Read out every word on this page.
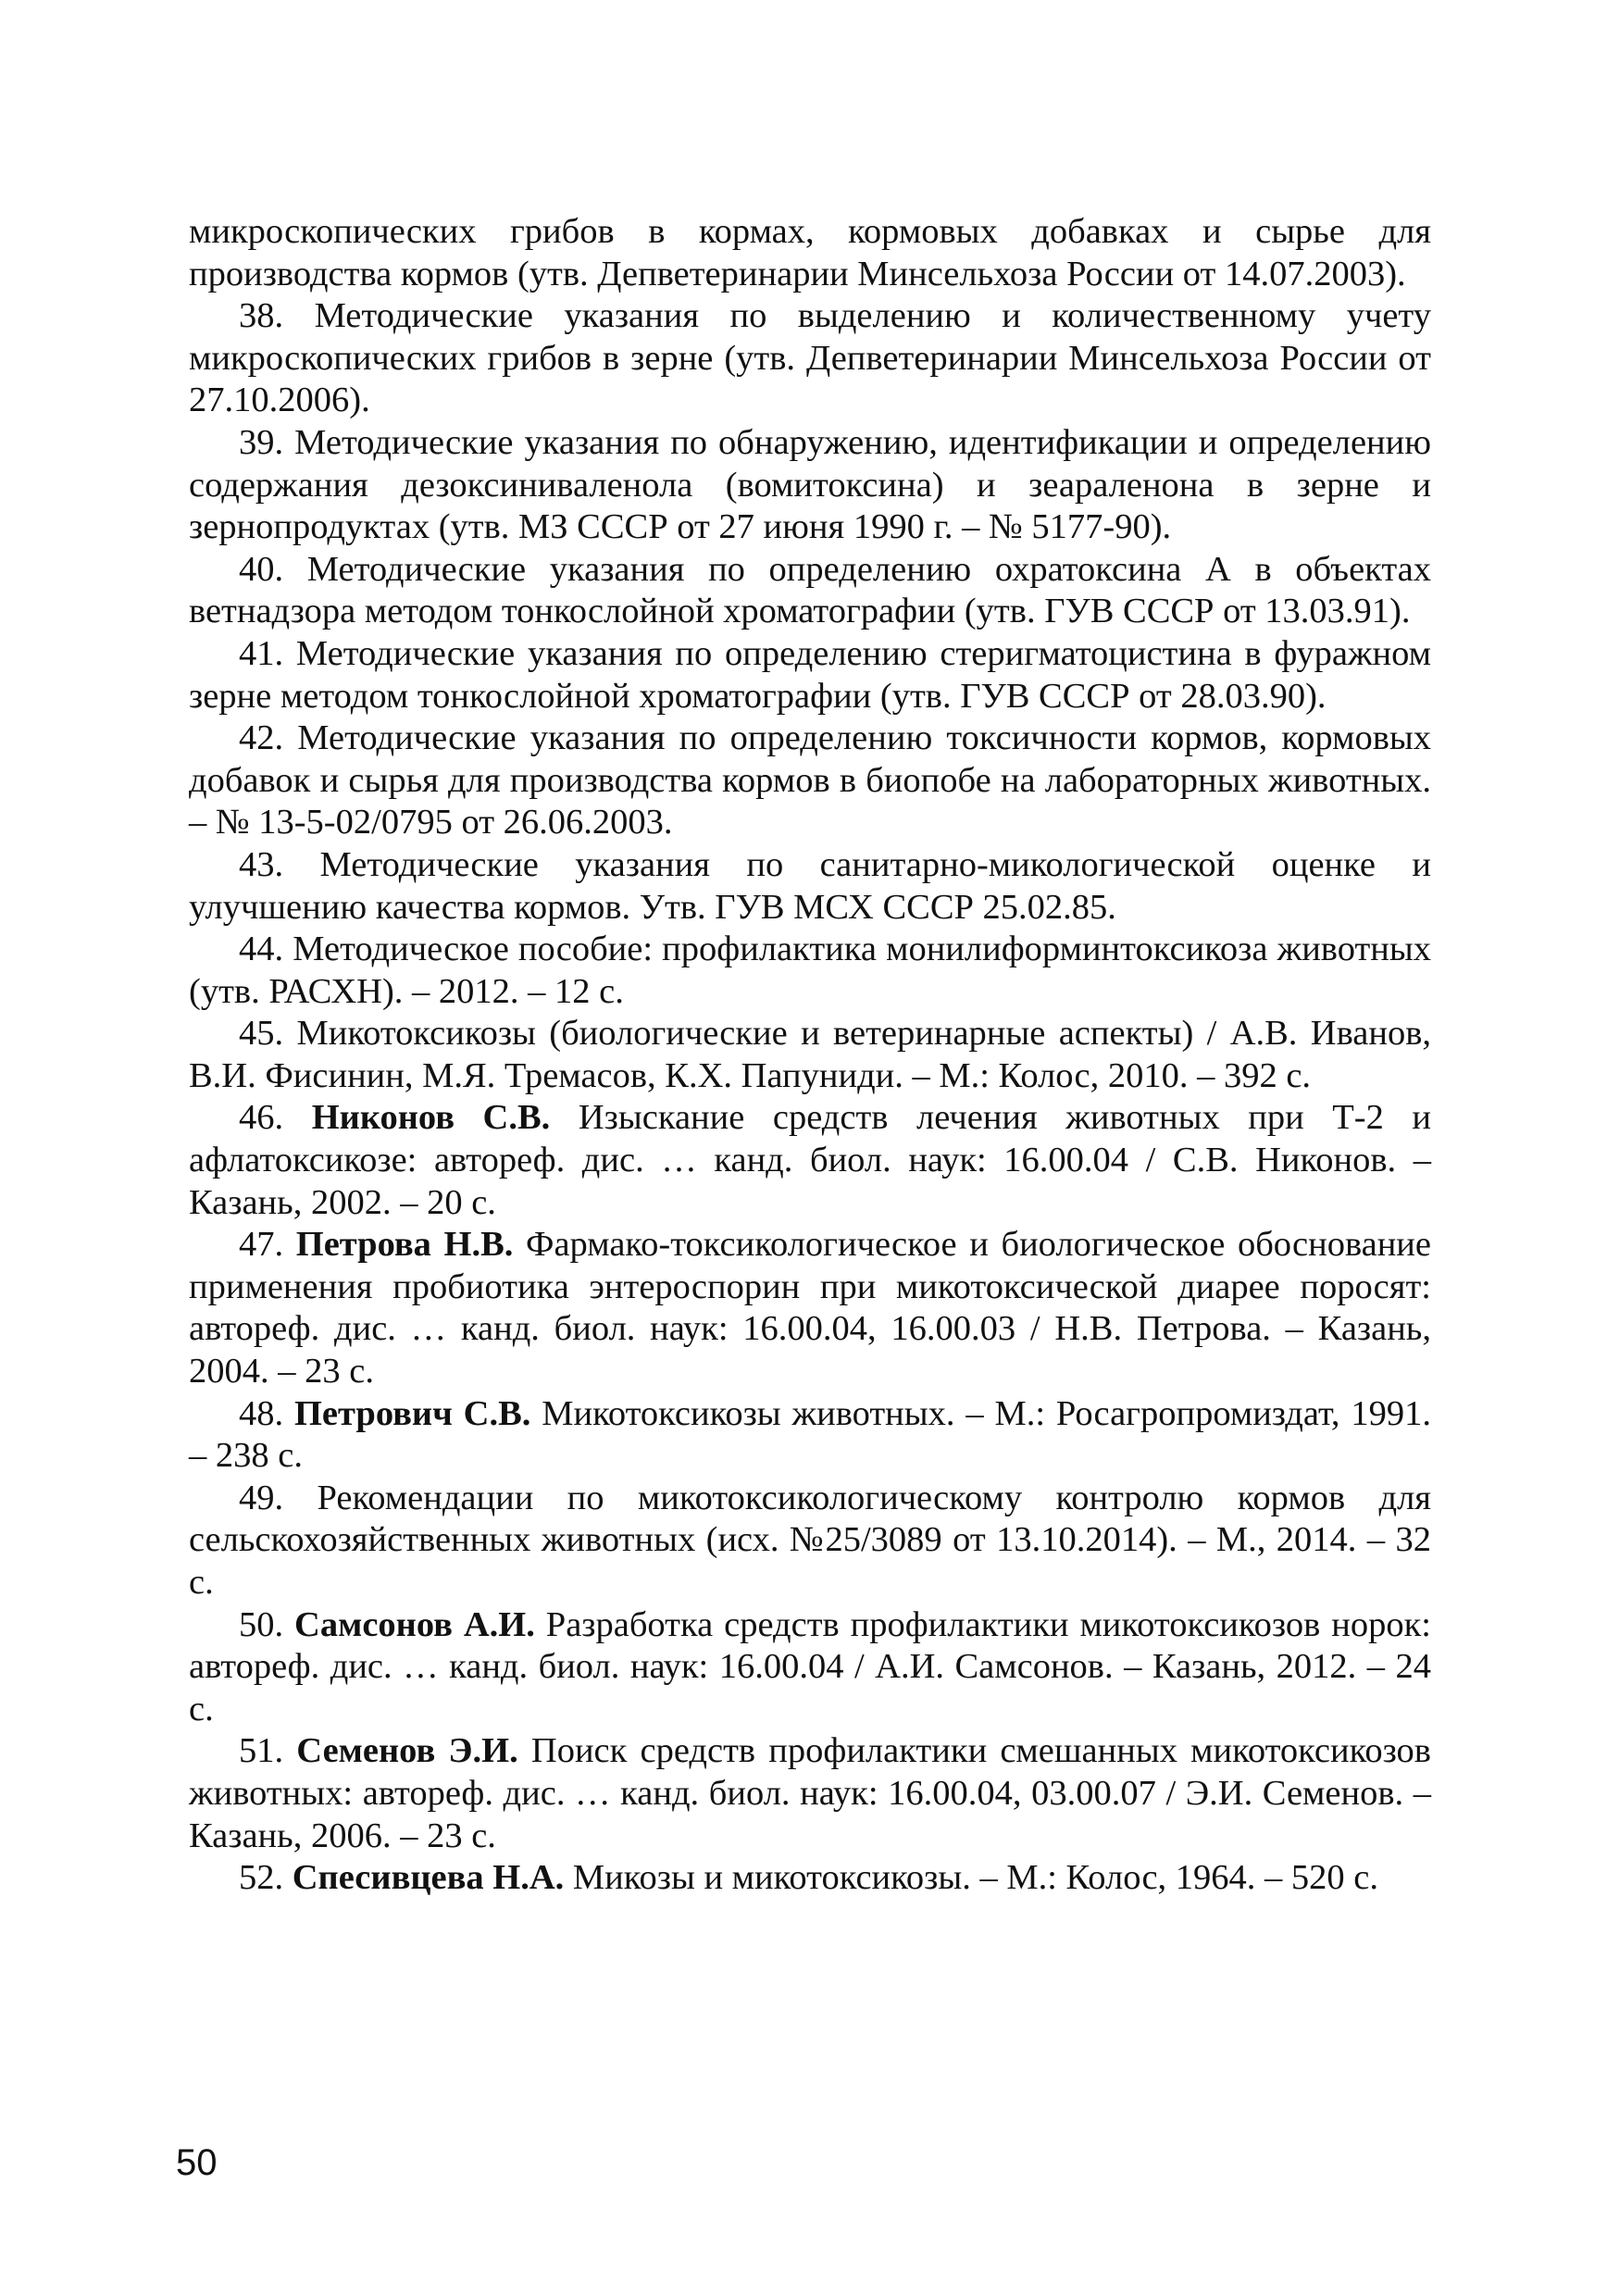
микроскопических грибов в кормах, кормовых добавках и сырье для производства кормов (утв. Депветеринарии Минсельхоза России от 14.07.2003).

38. Методические указания по выделению и количественному учету микроскопических грибов в зерне (утв. Депветеринарии Минсельхоза России от 27.10.2006).

39. Методические указания по обнаружению, идентификации и определению содержания дезоксиниваленола (вомитоксина) и зеараленона в зерне и зернопродуктах (утв. МЗ СССР от 27 июня 1990 г. – № 5177-90).

40. Методические указания по определению охратоксина А в объектах ветнадзора методом тонкослойной хроматографии (утв. ГУВ СССР от 13.03.91).

41. Методические указания по определению стеригматоцистина в фуражном зерне методом тонкослойной хроматографии (утв. ГУВ СССР от 28.03.90).

42. Методические указания по определению токсичности кормов, кормовых добавок и сырья для производства кормов в биопобе на лабораторных животных. – № 13-5-02/0795 от 26.06.2003.

43. Методические указания по санитарно-микологической оценке и улучшению качества кормов. Утв. ГУВ МСХ СССР 25.02.85.

44. Методическое пособие: профилактика монилиформинтоксикоза животных (утв. РАСХН). – 2012. – 12 с.

45. Микотоксикозы (биологические и ветеринарные аспекты) / А.В. Иванов, В.И. Фисинин, М.Я. Тремасов, К.Х. Папуниди. – М.: Колос, 2010. – 392 с.

46. Никонов С.В. Изыскание средств лечения животных при Т-2 и афлатоксикозе: автореф. дис. … канд. биол. наук: 16.00.04 / С.В. Никонов. – Казань, 2002. – 20 с.

47. Петрова Н.В. Фармако-токсикологическое и биологическое обоснование применения пробиотика энтероспорин при микотоксической диарее поросят: автореф. дис. … канд. биол. наук: 16.00.04, 16.00.03 / Н.В. Петрова. – Казань, 2004. – 23 с.

48. Петрович С.В. Микотоксикозы животных. – М.: Росагропромиздат, 1991. – 238 с.

49. Рекомендации по микотоксикологическому контролю кормов для сельскохозяйственных животных (исх. №25/3089 от 13.10.2014). – М., 2014. – 32 с.

50. Самсонов А.И. Разработка средств профилактики микотоксикозов норок: автореф. дис. … канд. биол. наук: 16.00.04 / А.И. Самсонов. – Казань, 2012. – 24 с.

51. Семенов Э.И. Поиск средств профилактики смешанных микотоксикозов животных: автореф. дис. … канд. биол. наук: 16.00.04, 03.00.07 / Э.И. Семенов. – Казань, 2006. – 23 с.

52. Спесивцева Н.А. Микозы и микотоксикозы. – М.: Колос, 1964. – 520 с.

50
